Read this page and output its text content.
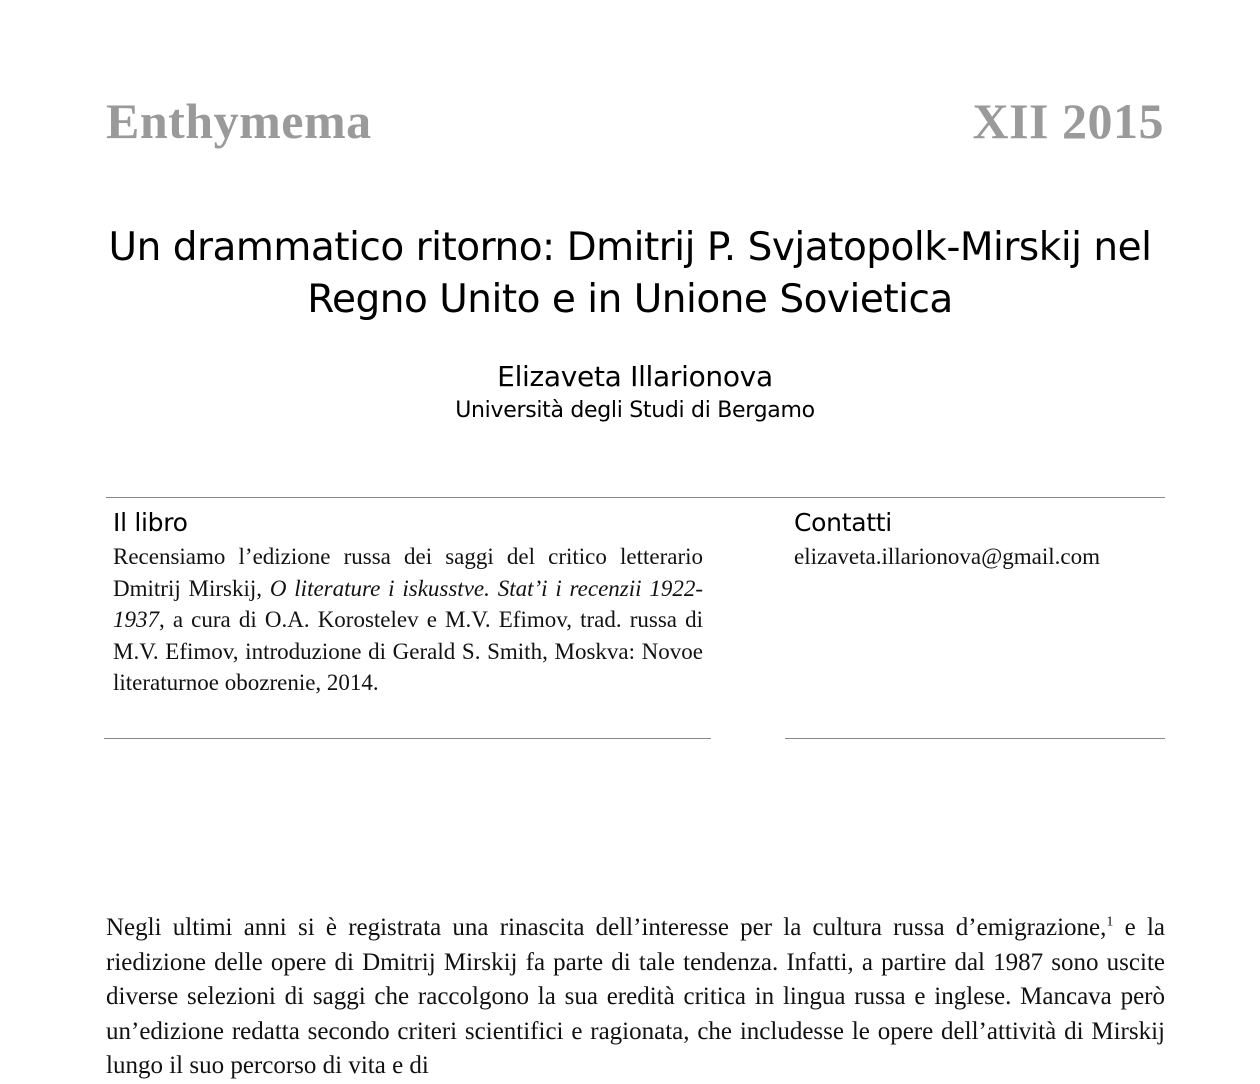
Enthymema	XII 2015
Un drammatico ritorno: Dmitrij P. Svjatopolk-Mirskij nel
Regno Unito e in Unione Sovietica
Elizaveta Illarionova
Università degli Studi di Bergamo
Il libro
Recensiamo l’edizione russa dei saggi del critico letterario Dmitrij Mirskij, O literature i iskusstve. Stat’i i recenzii 1922-1937, a cura di O.A. Korostelev e M.V. Efimov, trad. russa di M.V. Efimov, introduzione di Gerald S. Smith, Moskva: Novoe literaturnoe obozrenie, 2014.
Contatti
elizaveta.illarionova@gmail.com
Negli ultimi anni si è registrata una rinascita dell’interesse per la cultura russa d’emigrazione,$^1$ e la riedizione delle opere di Dmitrij Mirskij fa parte di tale tendenza. Infatti, a partire dal 1987 sono uscite diverse selezioni di saggi che raccolgono la sua eredità critica in lingua russa e inglese. Mancava però un’edizione redatta secondo criteri scientifici e ragionata, che includesse le opere dell’attività di Mirskij lungo il suo percorso di vita e di
